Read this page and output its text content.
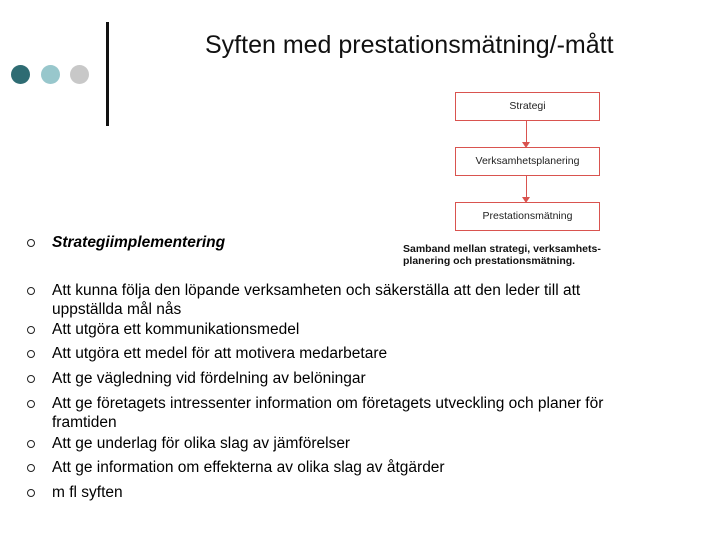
Syften med prestationsmätning/-mått
Strategi
Verksamhetsplanering
Prestationsmätning
Samband mellan strategi, verksamhets-
planering och prestationsmätning.
Strategiimplementering
Att kunna följa den löpande verksamheten och säkerställa att den leder till att
uppställda mål nås
Att utgöra ett kommunikationsmedel
Att utgöra ett medel för att motivera medarbetare
Att ge vägledning vid fördelning av belöningar
Att ge företagets intressenter information om företagets utveckling och planer för
framtiden
Att ge underlag för olika slag av jämförelser
Att ge information om effekterna av olika slag av åtgärder
m fl syften
